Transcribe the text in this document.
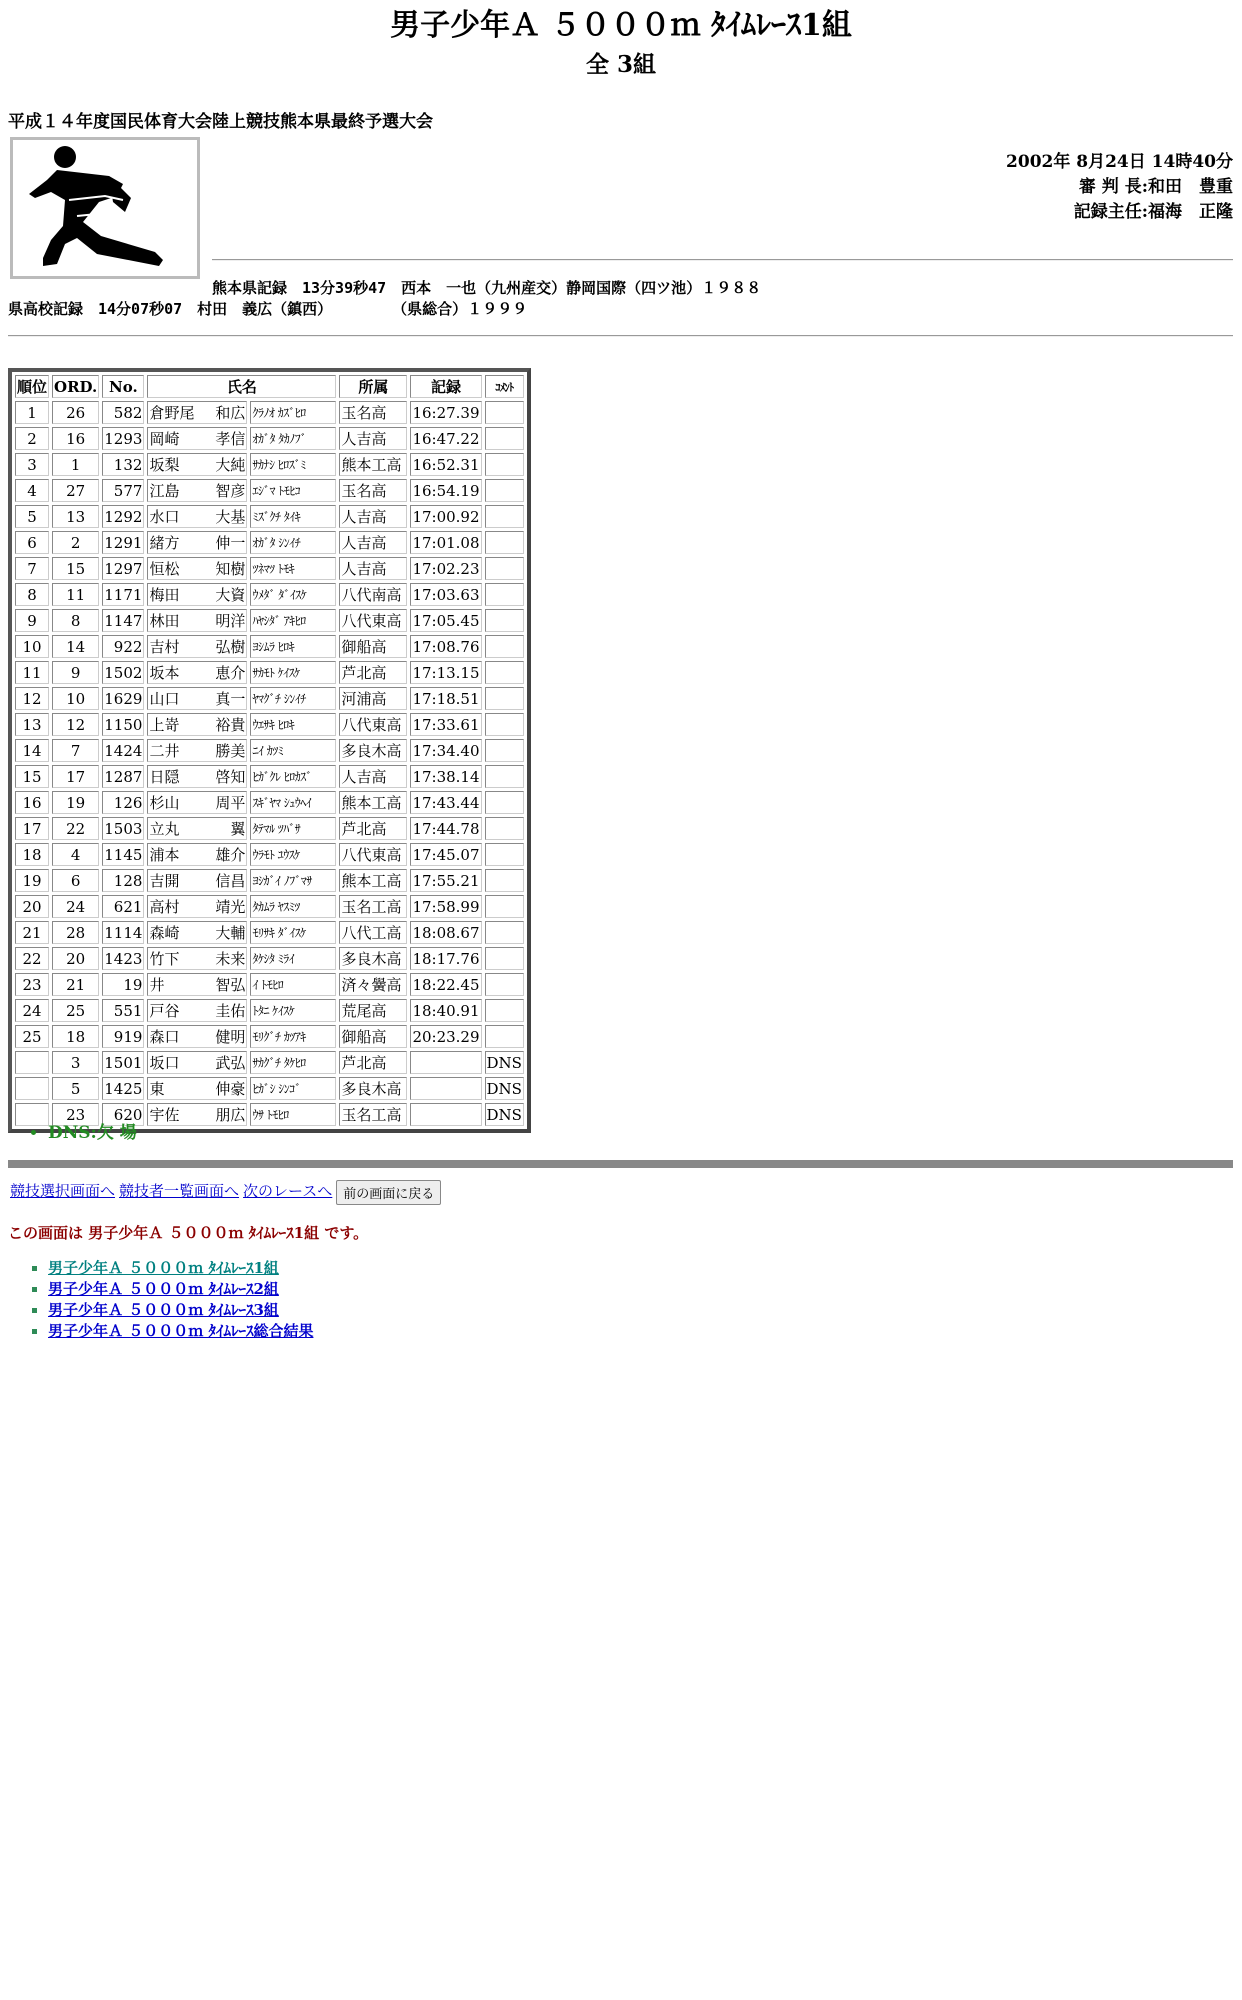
男子少年Ａ ５０００ｍ ﾀｲﾑﾚｰｽ1組
全 3組
平成１４年度国民体育大会陸上競技熊本県最終予選大会
2002年 8月24日 14時40分
審 判 長:和田　豊重
記録主任:福海　正隆
熊本県記録　13分39秒47　西本　一也（九州産交）静岡国際（四ツ池）１９８８
県高校記録　14分07秒07　村田　義広（鎮西）　　　　　（県総合）１９９９
順位	ORD.	No.	氏名		所属	記録	ｺﾒﾝﾄ
1	26	582	倉野尾 和広	ｸﾗﾉｵ ｶｽﾞﾋﾛ	玉名高	16:27.39	
2	16	1293	岡崎 孝信	ｵｶﾞﾀ ﾀｶﾉﾌﾞ	人吉高	16:47.22	
3	1	132	坂梨 大純	ｻｶﾅｼ ﾋﾛｽﾞﾐ	熊本工高	16:52.31	
4	27	577	江島 智彦	ｴｼﾞﾏ ﾄﾓﾋｺ	玉名高	16:54.19	
5	13	1292	水口 大基	ﾐｽﾞｸﾁ ﾀｲｷ	人吉高	17:00.92	
6	2	1291	緒方 伸一	ｵｶﾞﾀ ｼﾝｲﾁ	人吉高	17:01.08	
7	15	1297	恒松 知樹	ﾂﾈﾏﾂ ﾄﾓｷ	人吉高	17:02.23	
8	11	1171	梅田 大資	ｳﾒﾀﾞ ﾀﾞｲｽｹ	八代南高	17:03.63	
9	8	1147	林田 明洋	ﾊﾔｼﾀﾞ ｱｷﾋﾛ	八代東高	17:05.45	
10	14	922	吉村 弘樹	ﾖｼﾑﾗ ﾋﾛｷ	御船高	17:08.76	
11	9	1502	坂本 恵介	ｻｶﾓﾄ ｹｲｽｹ	芦北高	17:13.15	
12	10	1629	山口 真一	ﾔﾏｸﾞﾁ ｼﾝｲﾁ	河浦高	17:18.51	
13	12	1150	上嵜 裕貴	ｳｴｻｷ ﾋﾛｷ	八代東高	17:33.61	
14	7	1424	二井 勝美	ﾆｲ ｶﾂﾐ	多良木高	17:34.40	
15	17	1287	日隠 啓知	ﾋｶﾞｸﾚ ﾋﾛｶｽﾞ	人吉高	17:38.14	
16	19	126	杉山 周平	ｽｷﾞﾔﾏ ｼｭｳﾍｲ	熊本工高	17:43.44	
17	22	1503	立丸 翼	ﾀﾃﾏﾙ ﾂﾊﾞｻ	芦北高	17:44.78	
18	4	1145	浦本 雄介	ｳﾗﾓﾄ ﾕｳｽｹ	八代東高	17:45.07	
19	6	128	吉開 信昌	ﾖｼｶﾞｲ ﾉﾌﾞﾏｻ	熊本工高	17:55.21	
20	24	621	高村 靖光	ﾀｶﾑﾗ ﾔｽﾐﾂ	玉名工高	17:58.99	
21	28	1114	森崎 大輔	ﾓﾘｻｷ ﾀﾞｲｽｹ	八代工高	18:08.67	
22	20	1423	竹下 未来	ﾀｹｼﾀ ﾐﾗｲ	多良木高	18:17.76	
23	21	19	井 智弘	ｲ ﾄﾓﾋﾛ	済々黌高	18:22.45	
24	25	551	戸谷 圭佑	ﾄﾀﾆ ｹｲｽｹ	荒尾高	18:40.91	
25	18	919	森口 健明	ﾓﾘｸﾞﾁ ｶﾂｱｷ	御船高	20:23.29	
	3	1501	坂口 武弘	ｻｶｸﾞﾁ ﾀｹﾋﾛ	芦北高		DNS
	5	1425	東 伸豪	ﾋｶﾞｼ ｼﾝｺﾞ	多良木高		DNS
	23	620	宇佐 朋広	ｳｻ ﾄﾓﾋﾛ	玉名工高		DNS
• DNS:欠 場
競技選択画面へ 競技者一覧画面へ 次のレースへ 前の画面に戻る
この画面は 男子少年Ａ ５０００ｍ ﾀｲﾑﾚｰｽ1組 です。
▪ 男子少年Ａ ５０００ｍ ﾀｲﾑﾚｰｽ1組
▪ 男子少年Ａ ５０００ｍ ﾀｲﾑﾚｰｽ2組
▪ 男子少年Ａ ５０００ｍ ﾀｲﾑﾚｰｽ3組
▪ 男子少年Ａ ５０００ｍ ﾀｲﾑﾚｰｽ総合結果
